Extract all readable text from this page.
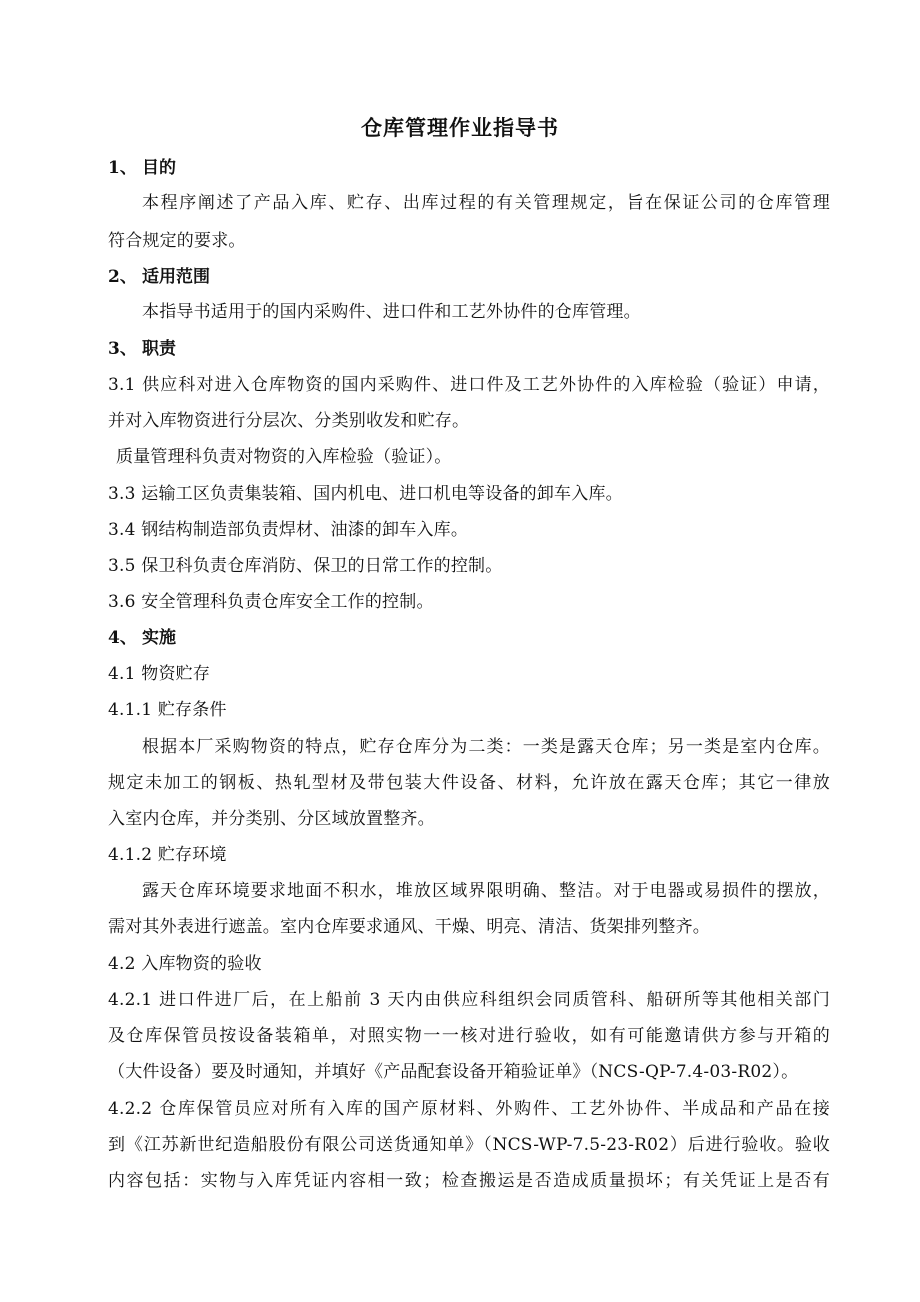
仓库管理作业指导书
1、 目的
本程序阐述了产品入库、贮存、出库过程的有关管理规定，旨在保证公司的仓库管理
符合规定的要求。
2、 适用范围
本指导书适用于的国内采购件、进口件和工艺外协件的仓库管理。
3、 职责
3.1 供应科对进入仓库物资的国内采购件、进口件及工艺外协件的入库检验（验证）申请，
并对入库物资进行分层次、分类别收发和贮存。
质量管理科负责对物资的入库检验（验证）。
3.3 运输工区负责集装箱、国内机电、进口机电等设备的卸车入库。
3.4 钢结构制造部负责焊材、油漆的卸车入库。
3.5 保卫科负责仓库消防、保卫的日常工作的控制。
3.6 安全管理科负责仓库安全工作的控制。
4、 实施
4.1 物资贮存
4.1.1 贮存条件
根据本厂采购物资的特点，贮存仓库分为二类：一类是露天仓库；另一类是室内仓库。
规定未加工的钢板、热轧型材及带包装大件设备、材料，允许放在露天仓库；其它一律放
入室内仓库，并分类别、分区域放置整齐。
4.1.2 贮存环境
露天仓库环境要求地面不积水，堆放区域界限明确、整洁。对于电器或易损件的摆放，
需对其外表进行遮盖。室内仓库要求通风、干燥、明亮、清洁、货架排列整齐。
4.2 入库物资的验收
4.2.1 进口件进厂后，在上船前 3 天内由供应科组织会同质管科、船研所等其他相关部门
及仓库保管员按设备装箱单，对照实物一一核对进行验收，如有可能邀请供方参与开箱的
（大件设备）要及时通知，并填好《产品配套设备开箱验证单》（NCS-QP-7.4-03-R02）。
4.2.2 仓库保管员应对所有入库的国产原材料、外购件、工艺外协件、半成品和产品在接
到《江苏新世纪造船股份有限公司送货通知单》（NCS-WP-7.5-23-R02）后进行验收。验收
内容包括：实物与入库凭证内容相一致；检查搬运是否造成质量损坏；有关凭证上是否有
